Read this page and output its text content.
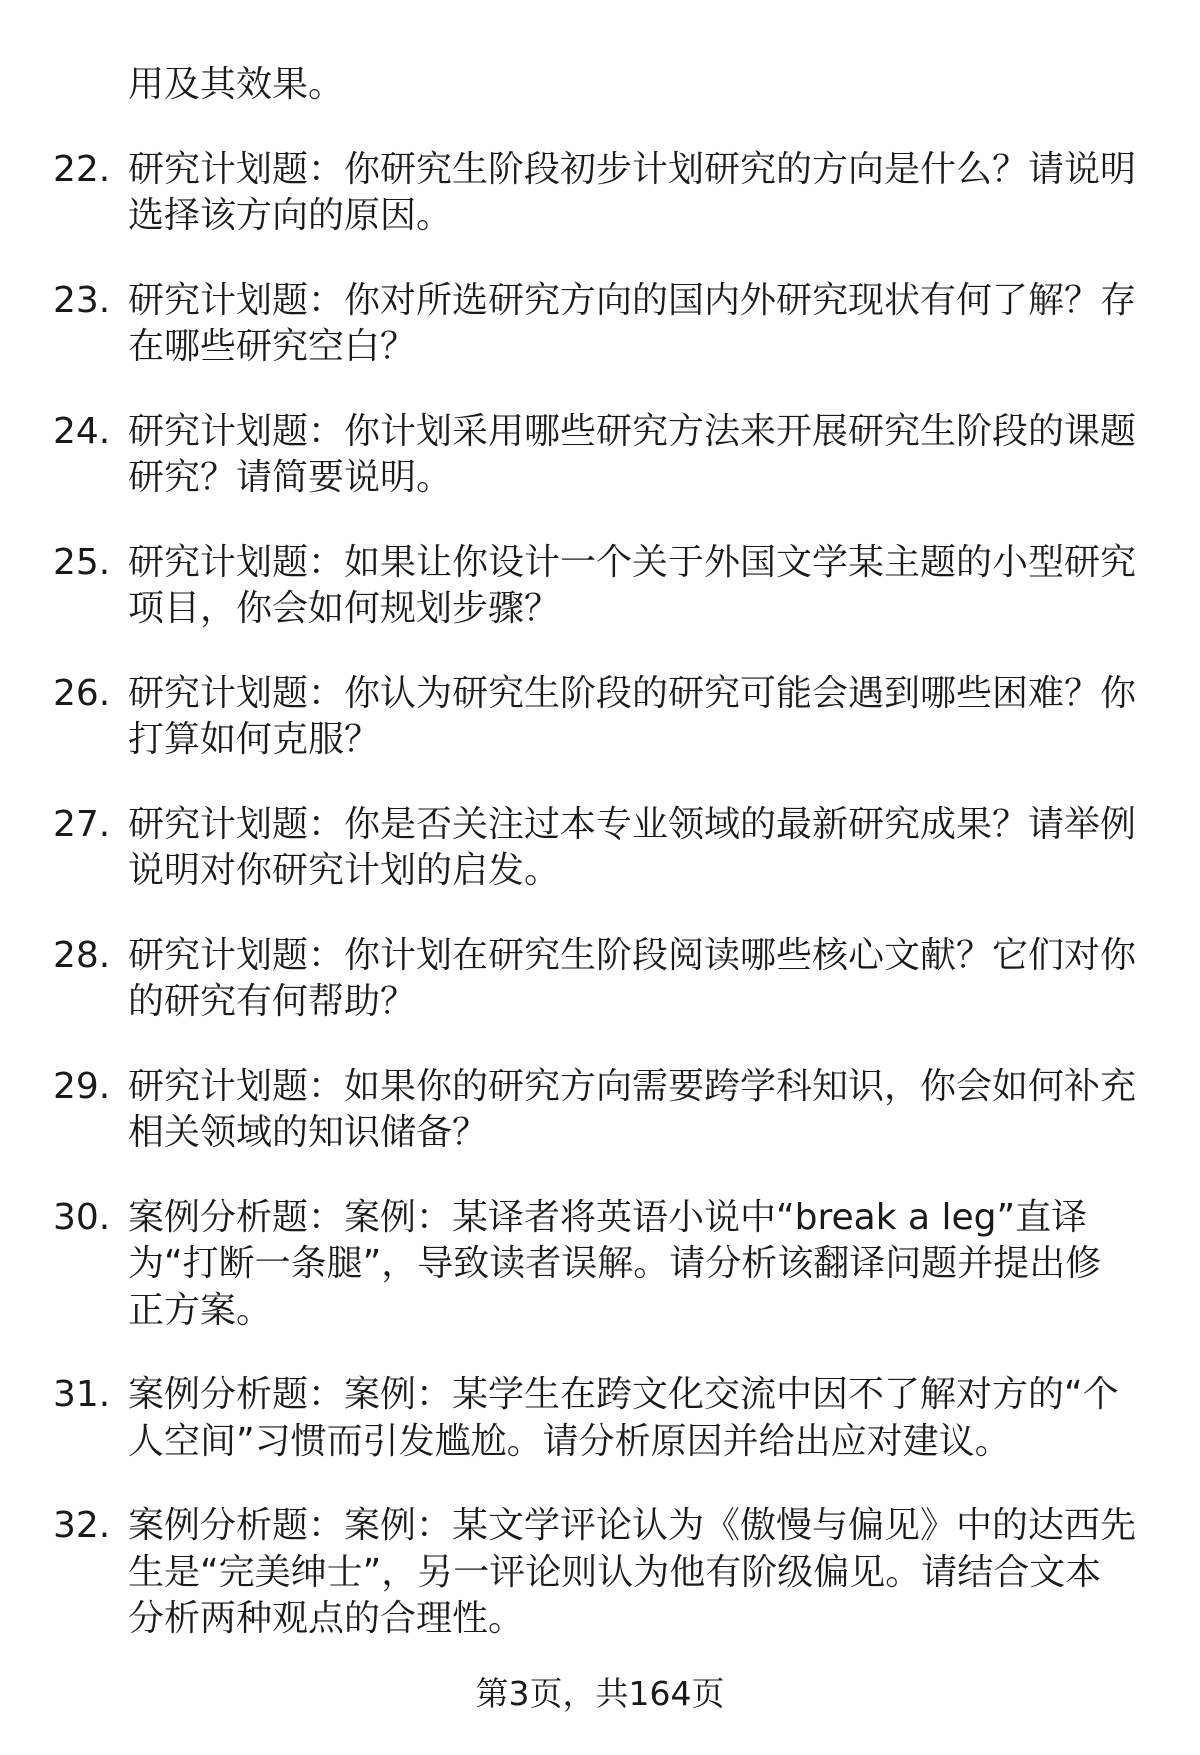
用及其效果。

22. 研究计划题：你研究生阶段初步计划研究的方向是什么？请说明
选择该方向的原因。
23. 研究计划题：你对所选研究方向的国内外研究现状有何了解？存
在哪些研究空白？
24. 研究计划题：你计划采用哪些研究方法来开展研究生阶段的课题
研究？请简要说明。
25. 研究计划题：如果让你设计一个关于外国文学某主题的小型研究
项目，你会如何规划步骤？
26. 研究计划题：你认为研究生阶段的研究可能会遇到哪些困难？你
打算如何克服？
27. 研究计划题：你是否关注过本专业领域的最新研究成果？请举例
说明对你研究计划的启发。
28. 研究计划题：你计划在研究生阶段阅读哪些核心文献？它们对你
的研究有何帮助？
29. 研究计划题：如果你的研究方向需要跨学科知识，你会如何补充
相关领域的知识储备？
30. 案例分析题：案例：某译者将英语小说中“break a leg”直译
为“打断一条腿”，导致读者误解。请分析该翻译问题并提出修
正方案。
31. 案例分析题：案例：某学生在跨文化交流中因不了解对方的“个
人空间”习惯而引发尴尬。请分析原因并给出应对建议。
32. 案例分析题：案例：某文学评论认为《傲慢与偏见》中的达西先
生是“完美绅士”，另一评论则认为他有阶级偏见。请结合文本
分析两种观点的合理性。
第3页，共164页
